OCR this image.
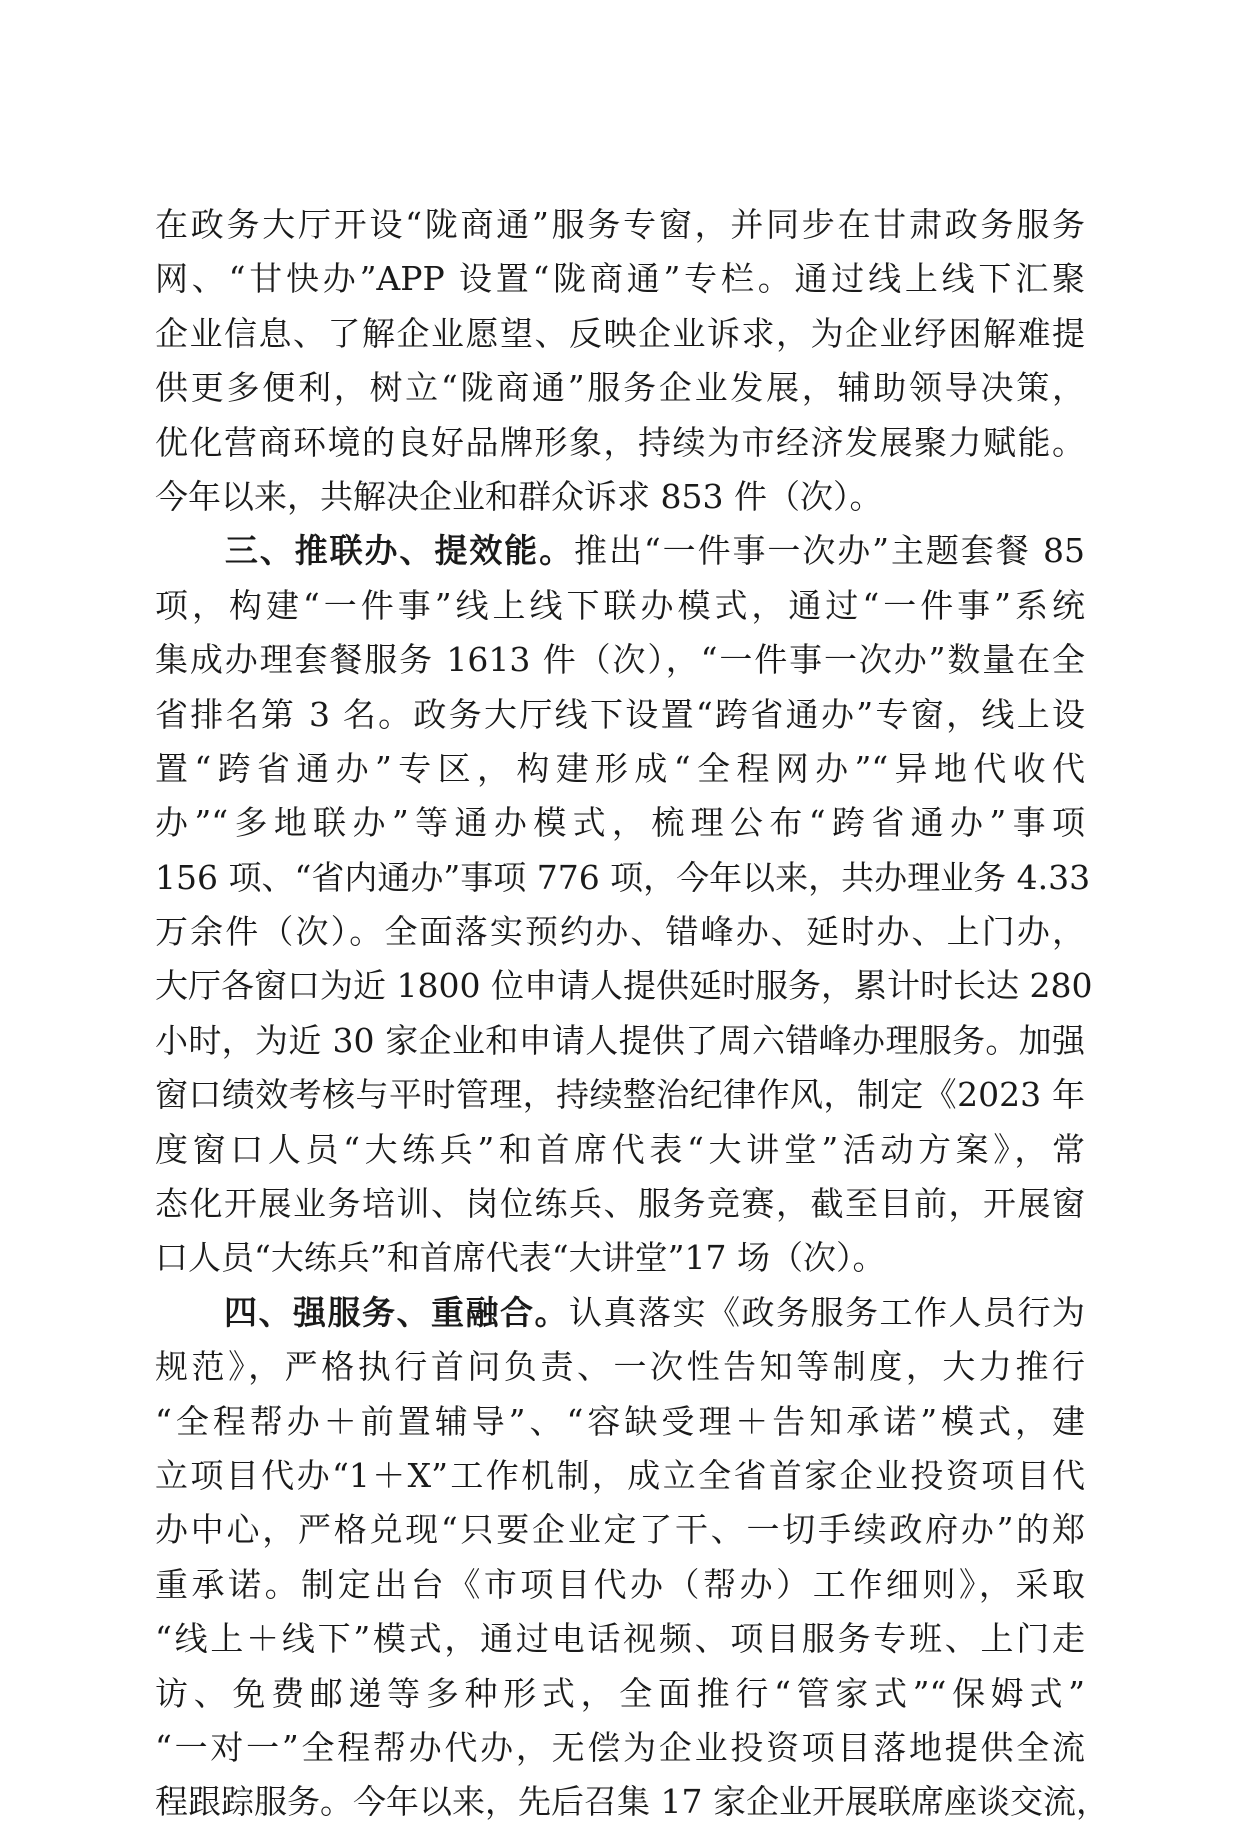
在政务大厅开设“陇商通”服务专窗，并同步在甘肃政务服务
网、“甘快办”APP 设置“陇商通”专栏。通过线上线下汇聚
企业信息、了解企业愿望、反映企业诉求，为企业纾困解难提
供更多便利，树立“陇商通”服务企业发展，辅助领导决策，
优化营商环境的良好品牌形象，持续为市经济发展聚力赋能。
今年以来，共解决企业和群众诉求 853 件（次）。
　　三、推联办、提效能。推出“一件事一次办”主题套餐 85
项，构建“一件事”线上线下联办模式，通过“一件事”系统
集成办理套餐服务 1613 件（次），“一件事一次办”数量在全
省排名第 3 名。政务大厅线下设置“跨省通办”专窗，线上设
置“跨省通办”专区，构建形成“全程网办”“异地代收代
办”“多地联办”等通办模式，梳理公布“跨省通办”事项
156 项、“省内通办”事项 776 项，今年以来，共办理业务 4.33
万余件（次）。全面落实预约办、错峰办、延时办、上门办，
大厅各窗口为近 1800 位申请人提供延时服务，累计时长达 280
小时，为近 30 家企业和申请人提供了周六错峰办理服务。加强
窗口绩效考核与平时管理，持续整治纪律作风，制定《2023 年
度窗口人员“大练兵”和首席代表“大讲堂”活动方案》，常
态化开展业务培训、岗位练兵、服务竞赛，截至目前，开展窗
口人员“大练兵”和首席代表“大讲堂”17 场（次）。
　　四、强服务、重融合。认真落实《政务服务工作人员行为
规范》，严格执行首问负责、一次性告知等制度，大力推行
“全程帮办＋前置辅导”、“容缺受理＋告知承诺”模式，建
立项目代办“1＋X”工作机制，成立全省首家企业投资项目代
办中心，严格兑现“只要企业定了干、一切手续政府办”的郑
重承诺。制定出台《市项目代办（帮办）工作细则》，采取
“线上＋线下”模式，通过电话视频、项目服务专班、上门走
访、免费邮递等多种形式，全面推行“管家式”“保姆式”
“一对一”全程帮办代办，无偿为企业投资项目落地提供全流
程跟踪服务。今年以来，先后召集 17 家企业开展联席座谈交流，
